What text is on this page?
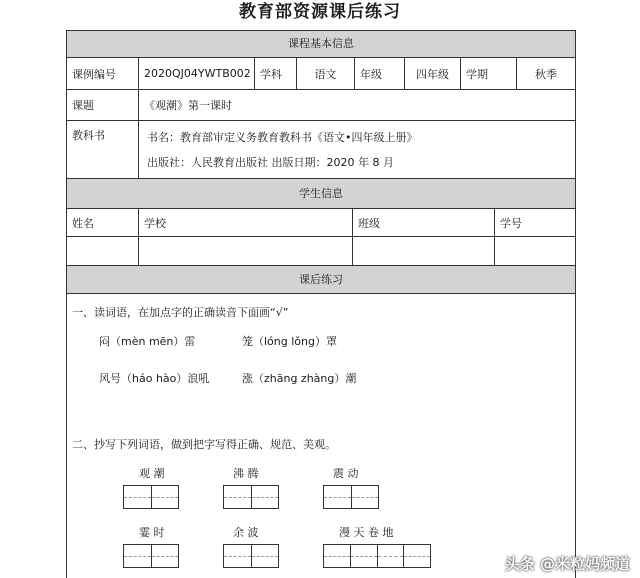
教育部资源课后练习
课程基本信息
课例编号	2020QJ04YWTB002 学科	语文	年级	四年级	学期	秋季
课题	《观潮》第一课时
教科书	书名：教育部审定义务教育教科书《语文•四年级上册》
出版社：人民教育出版社 出版日期：2020 年 8 月
学生信息
姓名	学校	班级	学号
课后练习
一、读词语，在加点字的正确读音下面画“√”
闷（mèn mēn）雷	笼（lóng lǒng）罩
风号（háo hào）浪吼	涨（zhāng zhàng）潮
二、抄写下列词语，做到把字写得正确、规范、美观。
观 潮	沸 腾	震 动
霎 时	余 波	漫 天 卷 地
头条 @米粒妈频道
